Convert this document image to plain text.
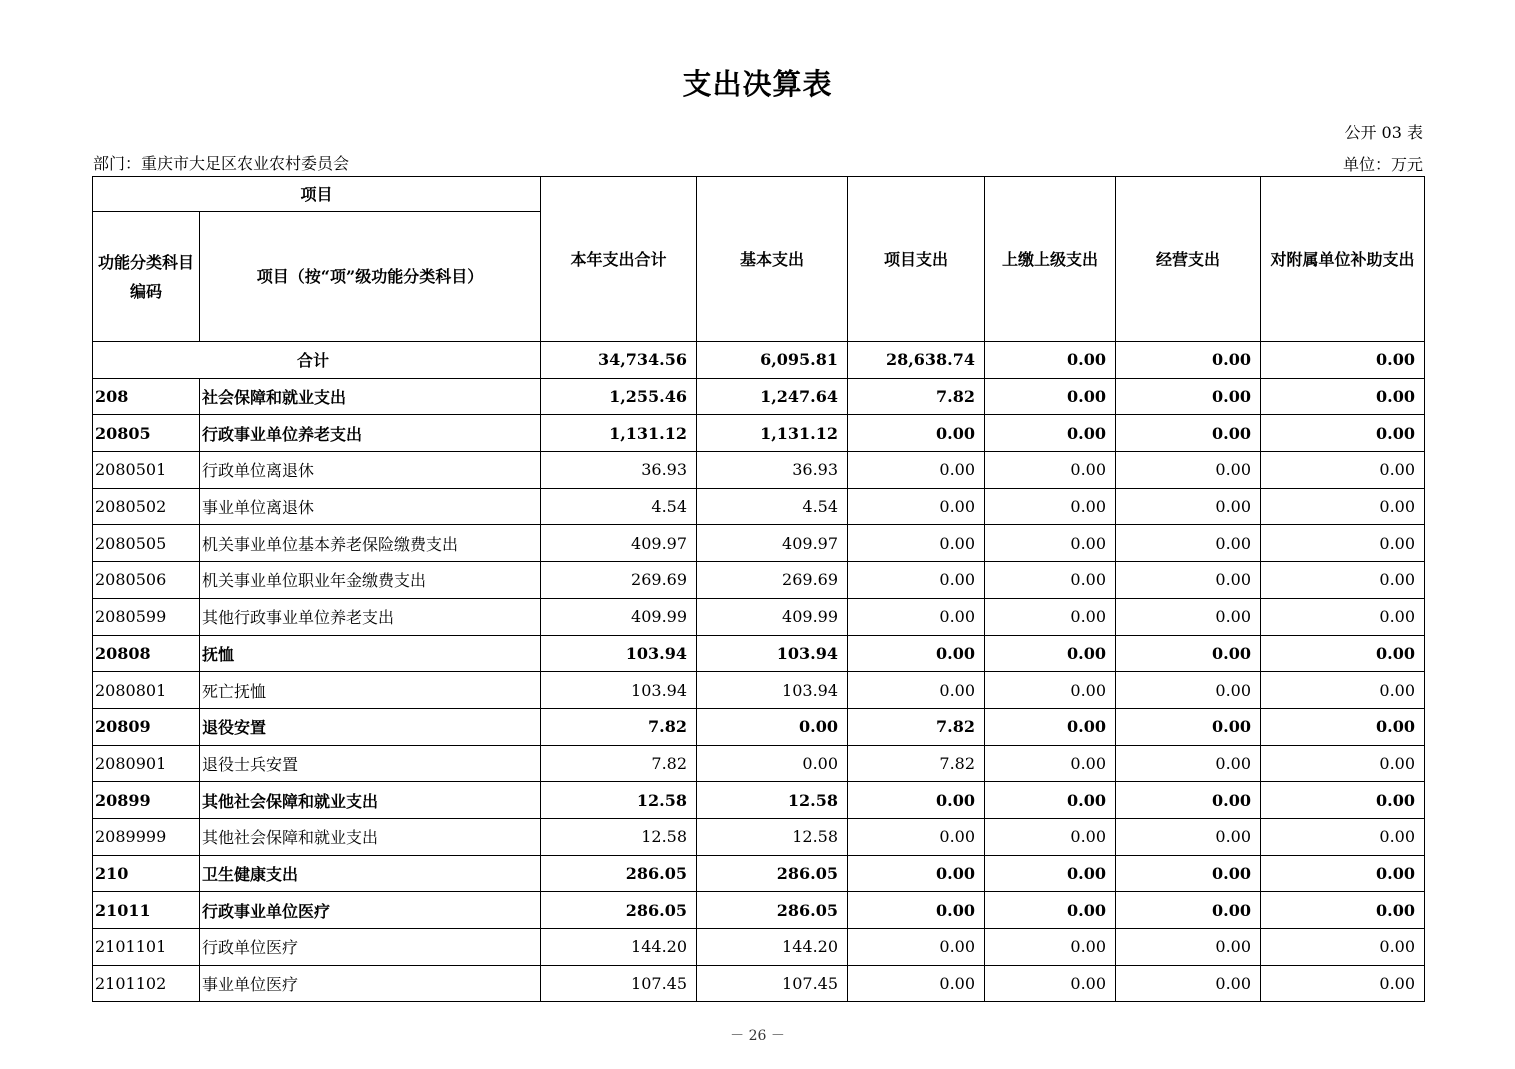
支出决算表
公开 03 表
部门：重庆市大足区农业农村委员会	单位：万元
项目		本年支出合计	基本支出	项目支出	上缴上级支出	经营支出	对附属单位补助支出
功能分类科目编码	项目（按“项”级功能分类科目）						
合计		34,734.56	6,095.81	28,638.74	0.00	0.00	0.00
208	社会保障和就业支出	1,255.46	1,247.64	7.82	0.00	0.00	0.00
20805	行政事业单位养老支出	1,131.12	1,131.12	0.00	0.00	0.00	0.00
2080501	行政单位离退休	36.93	36.93	0.00	0.00	0.00	0.00
2080502	事业单位离退休	4.54	4.54	0.00	0.00	0.00	0.00
2080505	机关事业单位基本养老保险缴费支出	409.97	409.97	0.00	0.00	0.00	0.00
2080506	机关事业单位职业年金缴费支出	269.69	269.69	0.00	0.00	0.00	0.00
2080599	其他行政事业单位养老支出	409.99	409.99	0.00	0.00	0.00	0.00
20808	抚恤	103.94	103.94	0.00	0.00	0.00	0.00
2080801	死亡抚恤	103.94	103.94	0.00	0.00	0.00	0.00
20809	退役安置	7.82	0.00	7.82	0.00	0.00	0.00
2080901	退役士兵安置	7.82	0.00	7.82	0.00	0.00	0.00
20899	其他社会保障和就业支出	12.58	12.58	0.00	0.00	0.00	0.00
2089999	其他社会保障和就业支出	12.58	12.58	0.00	0.00	0.00	0.00
210	卫生健康支出	286.05	286.05	0.00	0.00	0.00	0.00
21011	行政事业单位医疗	286.05	286.05	0.00	0.00	0.00	0.00
2101101	行政单位医疗	144.20	144.20	0.00	0.00	0.00	0.00
2101102	事业单位医疗	107.45	107.45	0.00	0.00	0.00	0.00
－ 26 －
